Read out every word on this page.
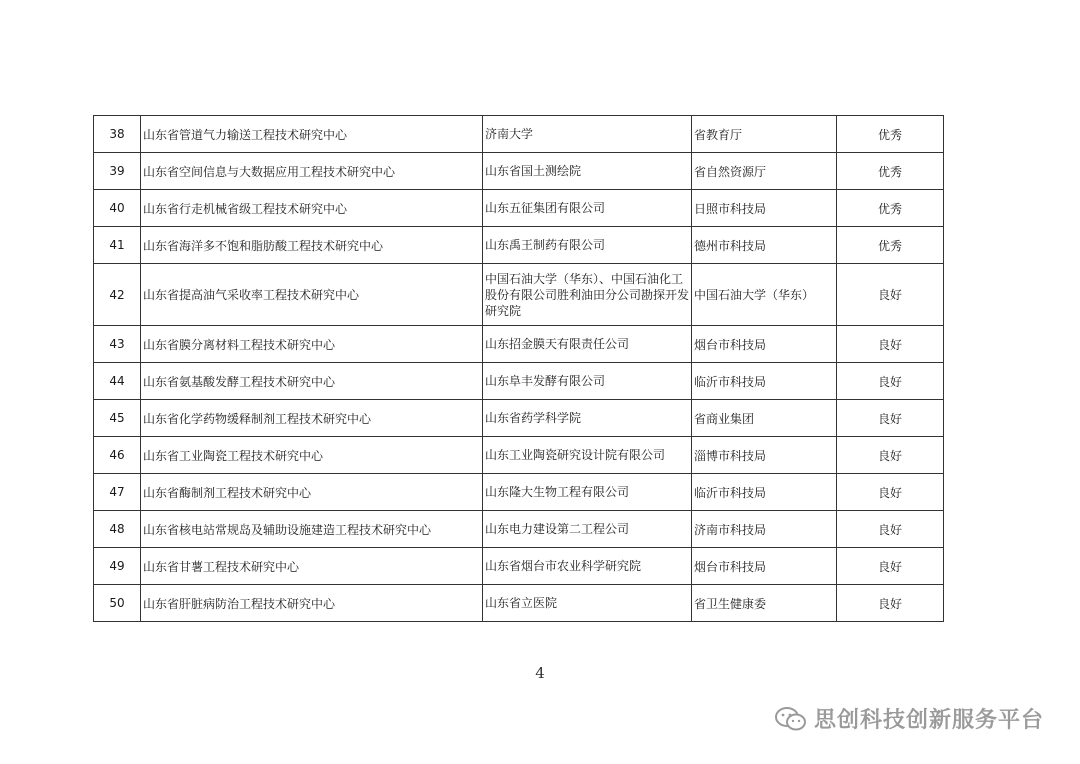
38	山东省管道气力输送工程技术研究中心	济南大学	省教育厅	优秀
39	山东省空间信息与大数据应用工程技术研究中心	山东省国土测绘院	省自然资源厅	优秀
40	山东省行走机械省级工程技术研究中心	山东五征集团有限公司	日照市科技局	优秀
41	山东省海洋多不饱和脂肪酸工程技术研究中心	山东禹王制药有限公司	德州市科技局	优秀
42	山东省提高油气采收率工程技术研究中心	中国石油大学（华东）、中国石油化工股份有限公司胜利油田分公司勘探开发研究院	中国石油大学（华东）	良好
43	山东省膜分离材料工程技术研究中心	山东招金膜天有限责任公司	烟台市科技局	良好
44	山东省氨基酸发酵工程技术研究中心	山东阜丰发酵有限公司	临沂市科技局	良好
45	山东省化学药物缓释制剂工程技术研究中心	山东省药学科学院	省商业集团	良好
46	山东省工业陶瓷工程技术研究中心	山东工业陶瓷研究设计院有限公司	淄博市科技局	良好
47	山东省酶制剂工程技术研究中心	山东隆大生物工程有限公司	临沂市科技局	良好
48	山东省核电站常规岛及辅助设施建造工程技术研究中心	山东电力建设第二工程公司	济南市科技局	良好
49	山东省甘薯工程技术研究中心	山东省烟台市农业科学研究院	烟台市科技局	良好
50	山东省肝脏病防治工程技术研究中心	山东省立医院	省卫生健康委	良好
4
思创科技创新服务平台
